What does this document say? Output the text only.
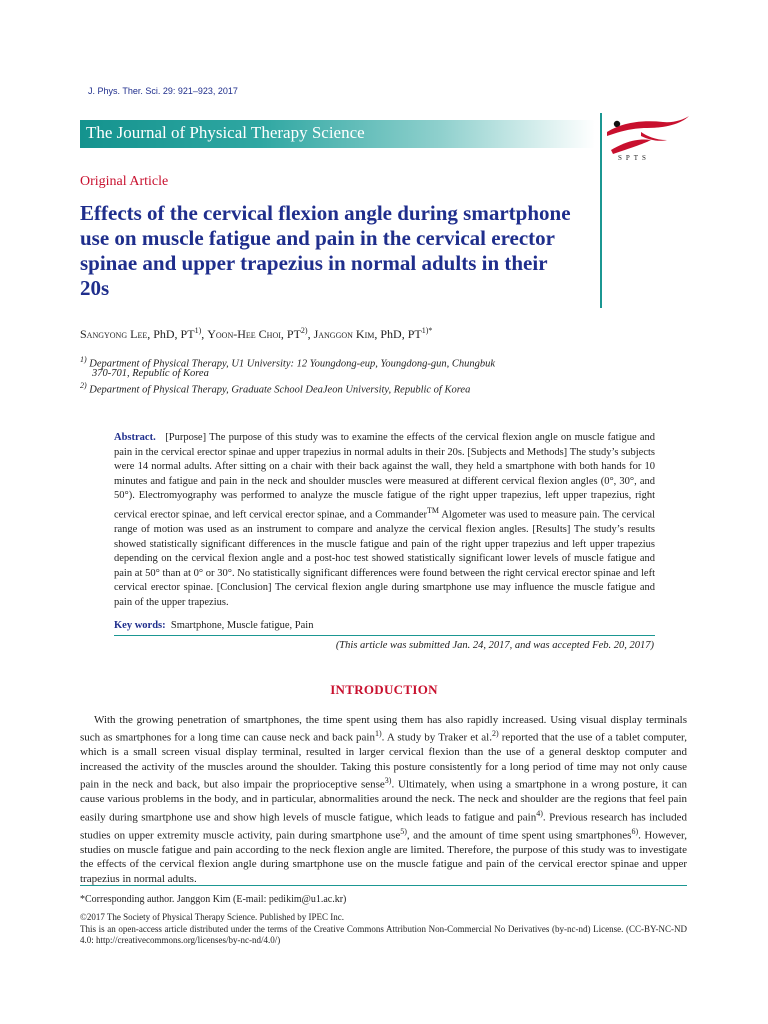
J. Phys. Ther. Sci. 29: 921–923, 2017
The Journal of Physical Therapy Science
SPTS
Original Article
Effects of the cervical flexion angle during smartphone use on muscle fatigue and pain in the cervical erector spinae and upper trapezius in normal adults in their 20s
Sangyong Lee, PhD, PT$^{1)}$, Yoon-Hee Choi, PT$^{2)}$, Janggon Kim, PhD, $PT^{1)*}$
$^{1)}$ Department of Physical Therapy, U1 University: 12 Youngdong-eup, Youngdong-gun, Chungbuk
370-701, Republic of Korea
$^{2)}$ Department of Physical Therapy, Graduate School DeaJeon University, Republic of Korea
Abstract. [Purpose] The purpose of this study was to examine the effects of the cervical flexion angle on muscle fatigue and pain in the cervical erector spinae and upper trapezius in normal adults in their 20s. [Subjects and Methods] The study’s subjects were 14 normal adults. After sitting on a chair with their back against the wall, they held a smartphone with both hands for 10 minutes and fatigue and pain in the neck and shoulder muscles were measured at different cervical flexion angles (0°, 30°, and 50°). Electromyography was performed to analyze the muscle fatigue of the right upper trapezius, left upper trapezius, right cervical erector spinae, and left cervical erector spinae, and a Commander™ Algometer was used to measure pain. The cervical range of motion was used as an instrument to compare and analyze the cervical flexion angles. [Results] The study’s results showed statistically significant differences in the muscle fatigue and pain of the right upper trapezius and left upper trapezius depending on the cervical flexion angle and a post-hoc test showed statistically significant lower levels of muscle fatigue and pain at 50° than at 0° or 30°. No statistically significant differences were found between the right cervical erector spinae and left cervical erector spinae. [Conclusion] The cervical flexion angle during smartphone use may influence the muscle fatigue and pain of the upper trapezius.
Key words: Smartphone, Muscle fatigue, Pain
(This article was submitted Jan. 24, 2017, and was accepted Feb. 20, 2017)
INTRODUCTION
With the growing penetration of smartphones, the time spent using them has also rapidly increased. Using visual display terminals such as smartphones for a long time can cause neck and back pain$^{1)}$. A study by Traker et al.$^{2)}$ reported that the use of a tablet computer, which is a small screen visual display terminal, resulted in larger cervical flexion than the use of a general desktop computer and increased the activity of the muscles around the shoulder. Taking this posture consistently for a long period of time may not only cause pain in the neck and back, but also impair the proprioceptive sense$^{3)}$. Ultimately, when using a smartphone in a wrong posture, it can cause various problems in the body, and in particular, abnormalities around the neck. The neck and shoulder are the regions that feel pain easily during smartphone use and show high levels of muscle fatigue, which leads to fatigue and pain$^{4)}$. Previous research has included studies on upper extremity muscle activity, pain during smartphone use$^{5)}$, and the amount of time spent using smartphones$^{6)}$. However, studies on muscle fatigue and pain according to the neck flexion angle are limited. Therefore, the purpose of this study was to investigate the effects of the cervical flexion angle during smartphone use on the muscle fatigue and pain of the cervical erector spinae and upper trapezius in normal adults.
*Corresponding author. Janggon Kim (E-mail: pedikim@u1.ac.kr)
©2017 The Society of Physical Therapy Science. Published by IPEC Inc.
This is an open-access article distributed under the terms of the Creative Commons Attribution Non-Commercial No Derivatives (by-nc-nd) License. (CC-BY-NC-ND 4.0: http://creativecommons.org/licenses/by-nc-nd/4.0/)
